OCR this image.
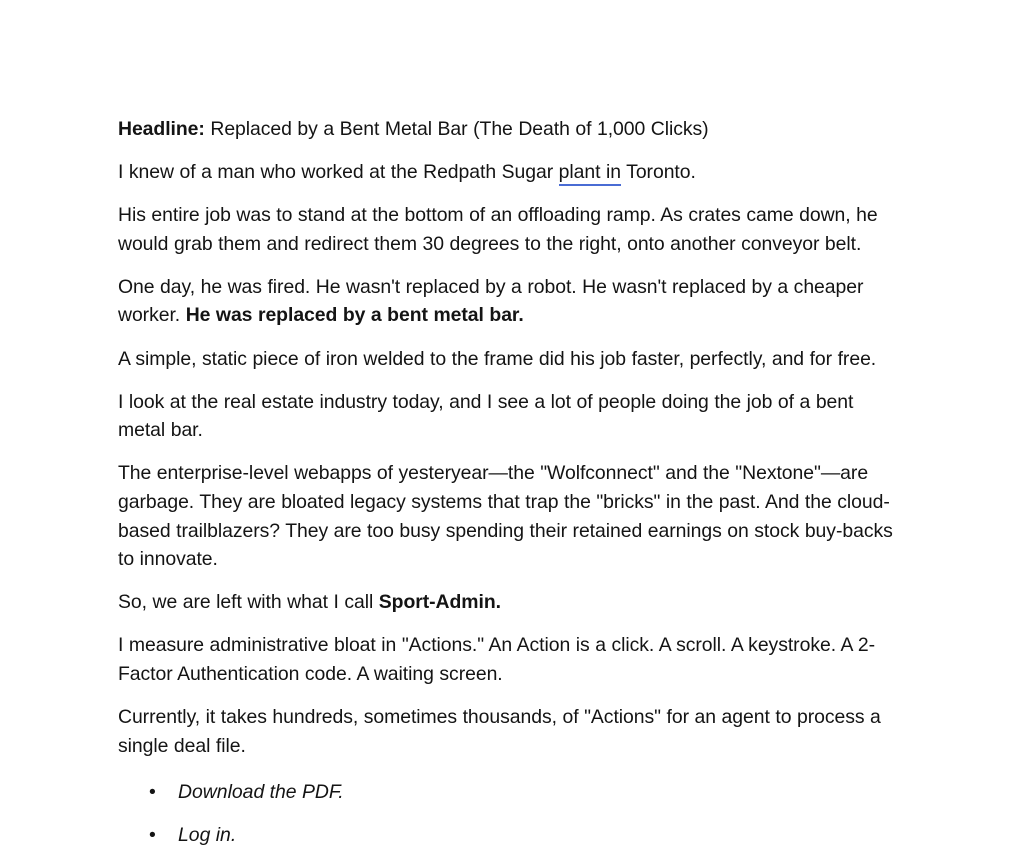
Headline: Replaced by a Bent Metal Bar (The Death of 1,000 Clicks)

I knew of a man who worked at the Redpath Sugar plant in Toronto.

His entire job was to stand at the bottom of an offloading ramp. As crates came down, he would grab them and redirect them 30 degrees to the right, onto another conveyor belt.

One day, he was fired. He wasn't replaced by a robot. He wasn't replaced by a cheaper worker. He was replaced by a bent metal bar.

A simple, static piece of iron welded to the frame did his job faster, perfectly, and for free.

I look at the real estate industry today, and I see a lot of people doing the job of a bent metal bar.

The enterprise-level webapps of yesteryear—the "Wolfconnect" and the "Nextone"—are garbage. They are bloated legacy systems that trap the "bricks" in the past. And the cloud-based trailblazers? They are too busy spending their retained earnings on stock buy-backs to innovate.

So, we are left with what I call Sport-Admin.

I measure administrative bloat in "Actions." An Action is a click. A scroll. A keystroke. A 2-Factor Authentication code. A waiting screen.

Currently, it takes hundreds, sometimes thousands, of "Actions" for an agent to process a single deal file.

• Download the PDF.
• Log in.
